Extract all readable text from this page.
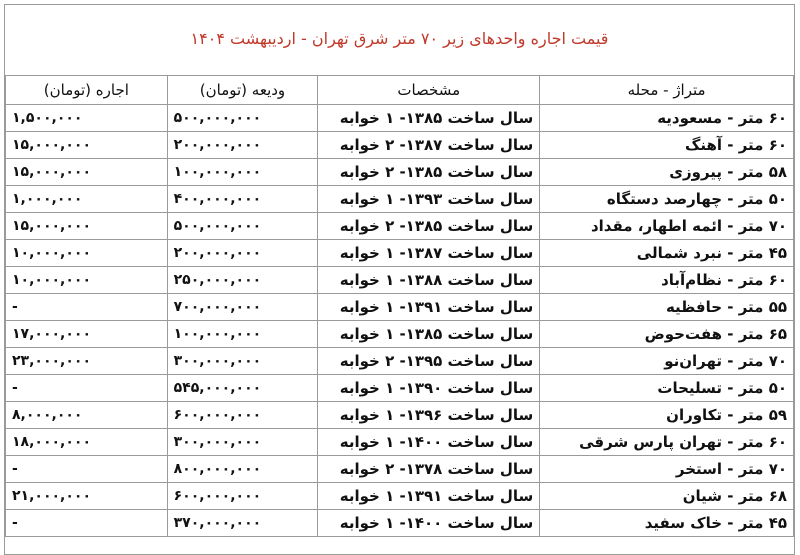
قیمت اجاره واحدهای زیر ۷۰ متر شرق تهران - اردیبهشت ۱۴۰۴
متراژ - محله	مشخصات	ودیعه (تومان)	اجاره (تومان)
۶۰ متر - مسعودیه	سال ساخت ۱۳۸۵- ۱ خوابه	۵۰۰,۰۰۰,۰۰۰	۱,۵۰۰,۰۰۰
۶۰ متر - آهنگ	سال ساخت ۱۳۸۷- ۲ خوابه	۲۰۰,۰۰۰,۰۰۰	۱۵,۰۰۰,۰۰۰
۵۸ متر - پیروزی	سال ساخت ۱۳۸۵- ۲ خوابه	۱۰۰,۰۰۰,۰۰۰	۱۵,۰۰۰,۰۰۰
۵۰ متر - چهارصد دستگاه	سال ساخت ۱۳۹۳- ۱ خوابه	۴۰۰,۰۰۰,۰۰۰	۱,۰۰۰,۰۰۰
۷۰ متر - ائمه اطهار، مقداد	سال ساخت ۱۳۸۵- ۲ خوابه	۵۰۰,۰۰۰,۰۰۰	۱۵,۰۰۰,۰۰۰
۴۵ متر - نبرد شمالی	سال ساخت ۱۳۸۷- ۱ خوابه	۲۰۰,۰۰۰,۰۰۰	۱۰,۰۰۰,۰۰۰
۶۰ متر - نظام‌آباد	سال ساخت ۱۳۸۸- ۱ خوابه	۲۵۰,۰۰۰,۰۰۰	۱۰,۰۰۰,۰۰۰
۵۵ متر - حافظیه	سال ساخت ۱۳۹۱- ۱ خوابه	۷۰۰,۰۰۰,۰۰۰	-
۶۵ متر - هفت‌حوض	سال ساخت ۱۳۸۵- ۱ خوابه	۱۰۰,۰۰۰,۰۰۰	۱۷,۰۰۰,۰۰۰
۷۰ متر - تهران‌نو	سال ساخت ۱۳۹۵- ۲ خوابه	۳۰۰,۰۰۰,۰۰۰	۲۳,۰۰۰,۰۰۰
۵۰ متر - تسلیحات	سال ساخت ۱۳۹۰- ۱ خوابه	۵۴۵,۰۰۰,۰۰۰	-
۵۹ متر - تکاوران	سال ساخت ۱۳۹۶- ۱ خوابه	۶۰۰,۰۰۰,۰۰۰	۸,۰۰۰,۰۰۰
۶۰ متر - تهران پارس شرقی	سال ساخت ۱۴۰۰- ۱ خوابه	۳۰۰,۰۰۰,۰۰۰	۱۸,۰۰۰,۰۰۰
۷۰ متر - استخر	سال ساخت ۱۳۷۸- ۲ خوابه	۸۰۰,۰۰۰,۰۰۰	-
۶۸ متر - شیان	سال ساخت ۱۳۹۱- ۱ خوابه	۶۰۰,۰۰۰,۰۰۰	۲۱,۰۰۰,۰۰۰
۴۵ متر - خاک سفید	سال ساخت ۱۴۰۰- ۱ خوابه	۳۷۰,۰۰۰,۰۰۰	-
